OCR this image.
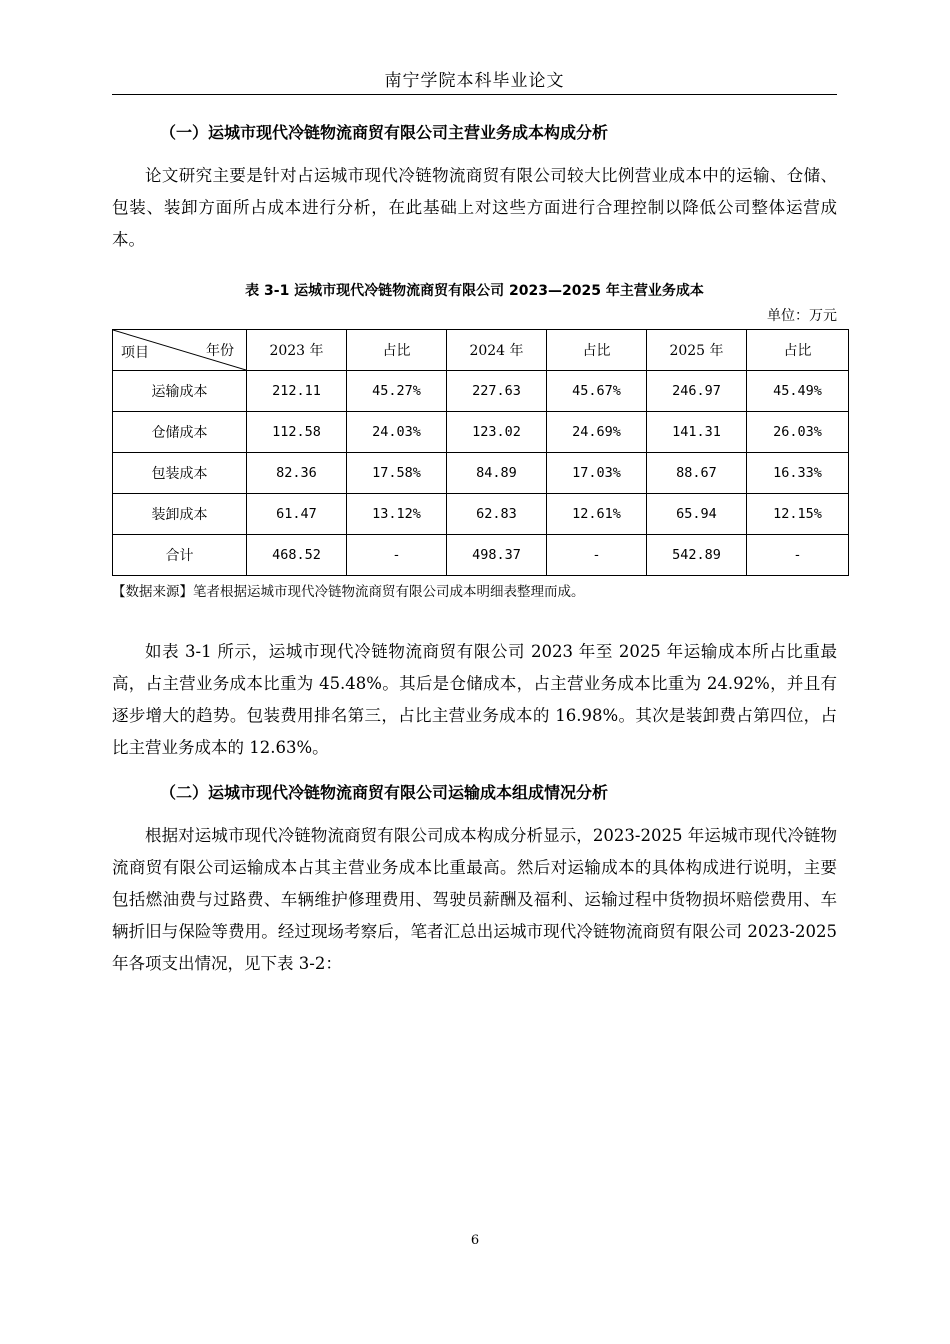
南宁学院本科毕业论文
（一）运城市现代冷链物流商贸有限公司主营业务成本构成分析

论文研究主要是针对占运城市现代冷链物流商贸有限公司较大比例营业成本中的运输、仓储、包装、装卸方面所占成本进行分析，在此基础上对这些方面进行合理控制以降低公司整体运营成本。

表 3-1 运城市现代冷链物流商贸有限公司 2023—2025 年主营业务成本
单位：万元
项目 年份	2023 年	占比	2024 年	占比	2025 年	占比
运输成本	212.11	45.27%	227.63	45.67%	246.97	45.49%
仓储成本	112.58	24.03%	123.02	24.69%	141.31	26.03%
包装成本	82.36	17.58%	84.89	17.03%	88.67	16.33%
装卸成本	61.47	13.12%	62.83	12.61%	65.94	12.15%
合计	468.52	-	498.37	-	542.89	-
【数据来源】笔者根据运城市现代冷链物流商贸有限公司成本明细表整理而成。

如表 3-1 所示，运城市现代冷链物流商贸有限公司 2023 年至 2025 年运输成本所占比重最高，占主营业务成本比重为 45.48%。其后是仓储成本，占主营业务成本比重为 24.92%，并且有逐步增大的趋势。包装费用排名第三，占比主营业务成本的 16.98%。其次是装卸费占第四位，占比主营业务成本的 12.63%。

（二）运城市现代冷链物流商贸有限公司运输成本组成情况分析

根据对运城市现代冷链物流商贸有限公司成本构成分析显示，2023-2025 年运城市现代冷链物流商贸有限公司运输成本占其主营业务成本比重最高。然后对运输成本的具体构成进行说明，主要包括燃油费与过路费、车辆维护修理费用、驾驶员薪酬及福利、运输过程中货物损坏赔偿费用、车辆折旧与保险等费用。经过现场考察后，笔者汇总出运城市现代冷链物流商贸有限公司 2023-2025 年各项支出情况，见下表 3-2：

6
